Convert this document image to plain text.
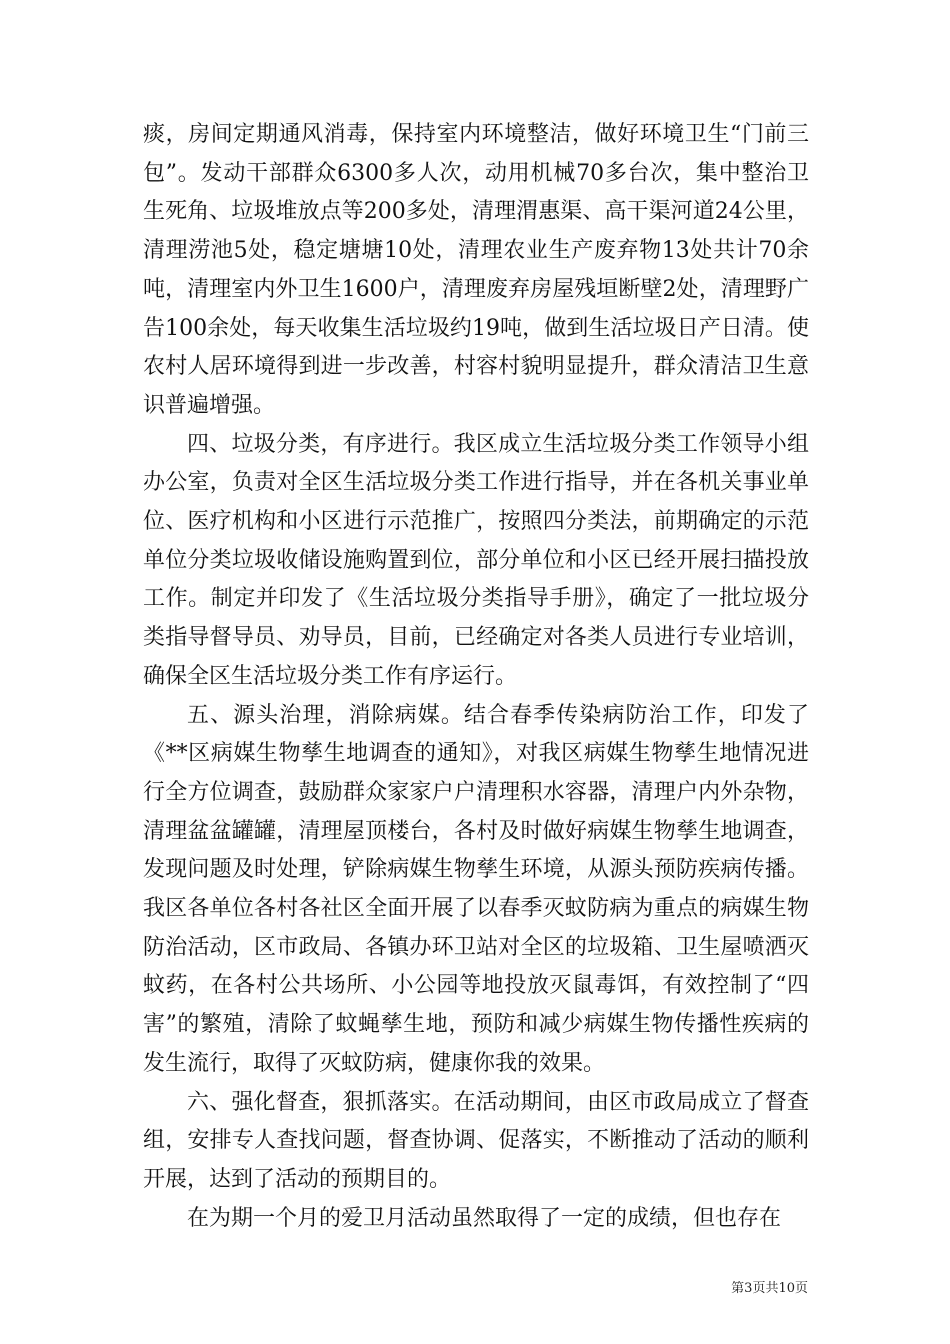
痰，房间定期通风消毒，保持室内环境整洁，做好环境卫生“门前三包”。发动干部群众6300多人次，动用机械70多台次，集中整治卫生死角、垃圾堆放点等200多处，清理渭惠渠、高干渠河道24公里，清理涝池5处，稳定塘塘10处，清理农业生产废弃物13处共计70余吨，清理室内外卫生1600户，清理废弃房屋残垣断壁2处，清理野广告100余处，每天收集生活垃圾约19吨，做到生活垃圾日产日清。使农村人居环境得到进一步改善，村容村貌明显提升，群众清洁卫生意识普遍增强。

四、垃圾分类，有序进行。我区成立生活垃圾分类工作领导小组办公室，负责对全区生活垃圾分类工作进行指导，并在各机关事业单位、医疗机构和小区进行示范推广，按照四分类法，前期确定的示范单位分类垃圾收储设施购置到位，部分单位和小区已经开展扫描投放工作。制定并印发了《生活垃圾分类指导手册》，确定了一批垃圾分类指导督导员、劝导员，目前，已经确定对各类人员进行专业培训，确保全区生活垃圾分类工作有序运行。

五、源头治理，消除病媒。结合春季传染病防治工作，印发了《**区病媒生物孳生地调查的通知》，对我区病媒生物孳生地情况进行全方位调查，鼓励群众家家户户清理积水容器，清理户内外杂物，清理盆盆罐罐，清理屋顶楼台，各村及时做好病媒生物孳生地调查，发现问题及时处理，铲除病媒生物孳生环境，从源头预防疾病传播。我区各单位各村各社区全面开展了以春季灭蚊防病为重点的病媒生物防治活动，区市政局、各镇办环卫站对全区的垃圾箱、卫生屋喷洒灭蚊药，在各村公共场所、小公园等地投放灭鼠毒饵，有效控制了“四害”的繁殖，清除了蚊蝇孳生地，预防和减少病媒生物传播性疾病的发生流行，取得了灭蚊防病，健康你我的效果。

六、强化督查，狠抓落实。在活动期间，由区市政局成立了督查组，安排专人查找问题，督查协调、促落实，不断推动了活动的顺利开展，达到了活动的预期目的。

在为期一个月的爱卫月活动虽然取得了一定的成绩，但也存在

第3页共10页
